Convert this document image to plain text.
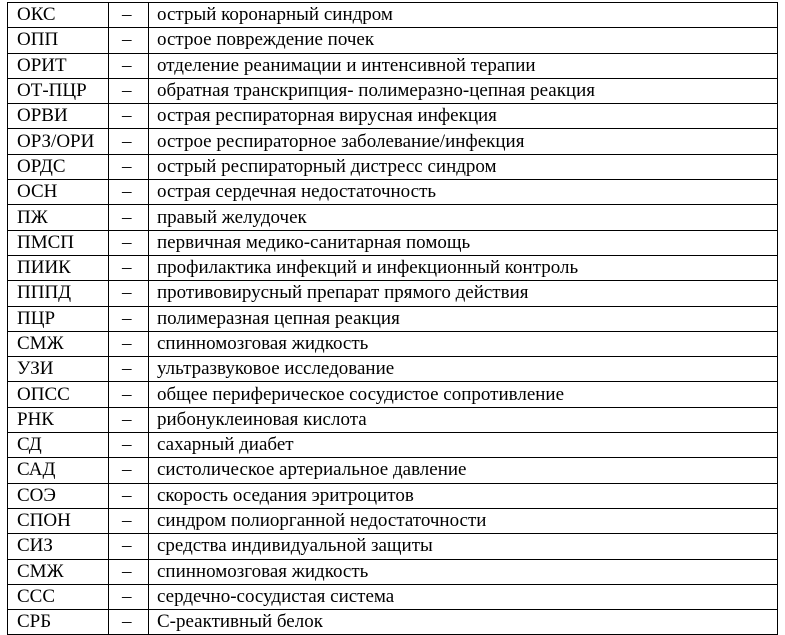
ОКС	–	острый коронарный синдром
ОПП	–	острое повреждение почек
ОРИТ	–	отделение реанимации и интенсивной терапии
ОТ-ПЦР	–	обратная транскрипция- полимеразно-цепная реакция
ОРВИ	–	острая респираторная вирусная инфекция
ОРЗ/ОРИ	–	острое респираторное заболевание/инфекция
ОРДС	–	острый респираторный дистресс синдром
ОСН	–	острая сердечная недостаточность
ПЖ	–	правый желудочек
ПМСП	–	первичная медико-санитарная помощь
ПИИК	–	профилактика инфекций и инфекционный контроль
ПППД	–	противовирусный препарат прямого действия
ПЦР	–	полимеразная цепная реакция
СМЖ	–	спинномозговая жидкость
УЗИ	–	ультразвуковое исследование
ОПСС	–	общее периферическое сосудистое сопротивление
РНК	–	рибонуклеиновая кислота
СД	–	сахарный диабет
САД	–	систолическое артериальное давление
СОЭ	–	скорость оседания эритроцитов
СПОН	–	синдром полиорганной недостаточности
СИЗ	–	средства индивидуальной защиты
СМЖ	–	спинномозговая жидкость
ССС	–	сердечно-сосудистая система
СРБ	–	С-реактивный белок
